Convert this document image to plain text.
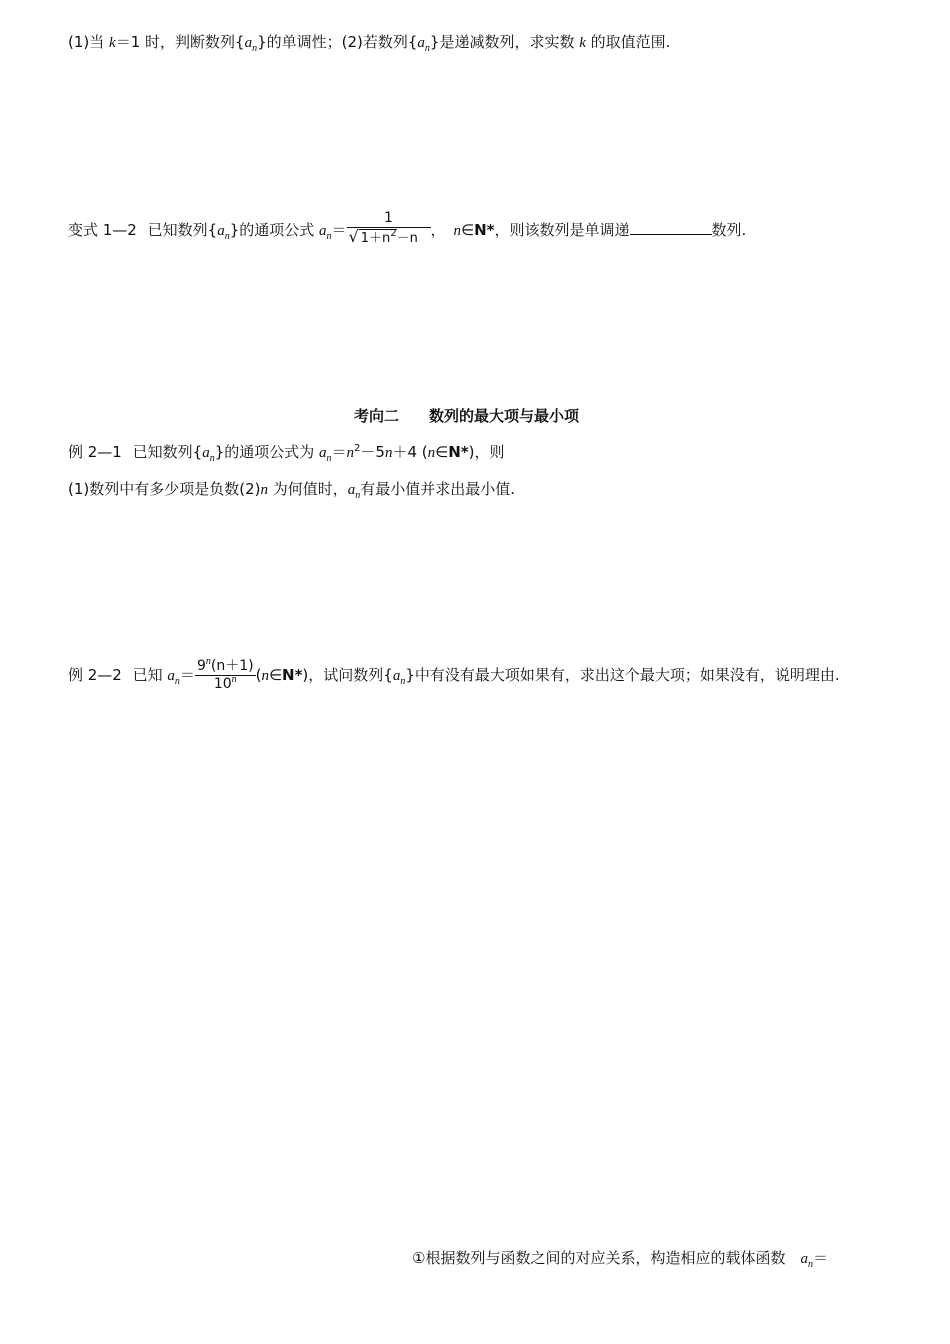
(1)当 k＝1 时，判断数列$\{a_n\}$的单调性；(2)若数列$\{a_n\}$是递减数列，求实数 k 的取值范围.
变式 1—2 已知数列$\{a_n\}$的通项公式 $a_n= \frac{1}{√ 1+n^2-n}$ ， n∈N*，则该数列是单调递	数列.
考向二　　数列的最大项与最小项
例 2—1 已知数列$\{a_n\}$的通项公式为 $a_n=n^2-5n+4$ (n∈N*)，则
(1)数列中有多少项是负数(2)n 为何值时，$a_n$有最小值并求出最小值.
例 2—2 已知 $a_n= \frac{9^n(n+1)}{10^n}$ (n∈N*)，试问数列$\{a_n\}$中有没有最大项如果有，求出这个最大项；如果没有，说明理由.
①根据数列与函数之间的对应关系，构造相应的载体函数　$a_n=$
